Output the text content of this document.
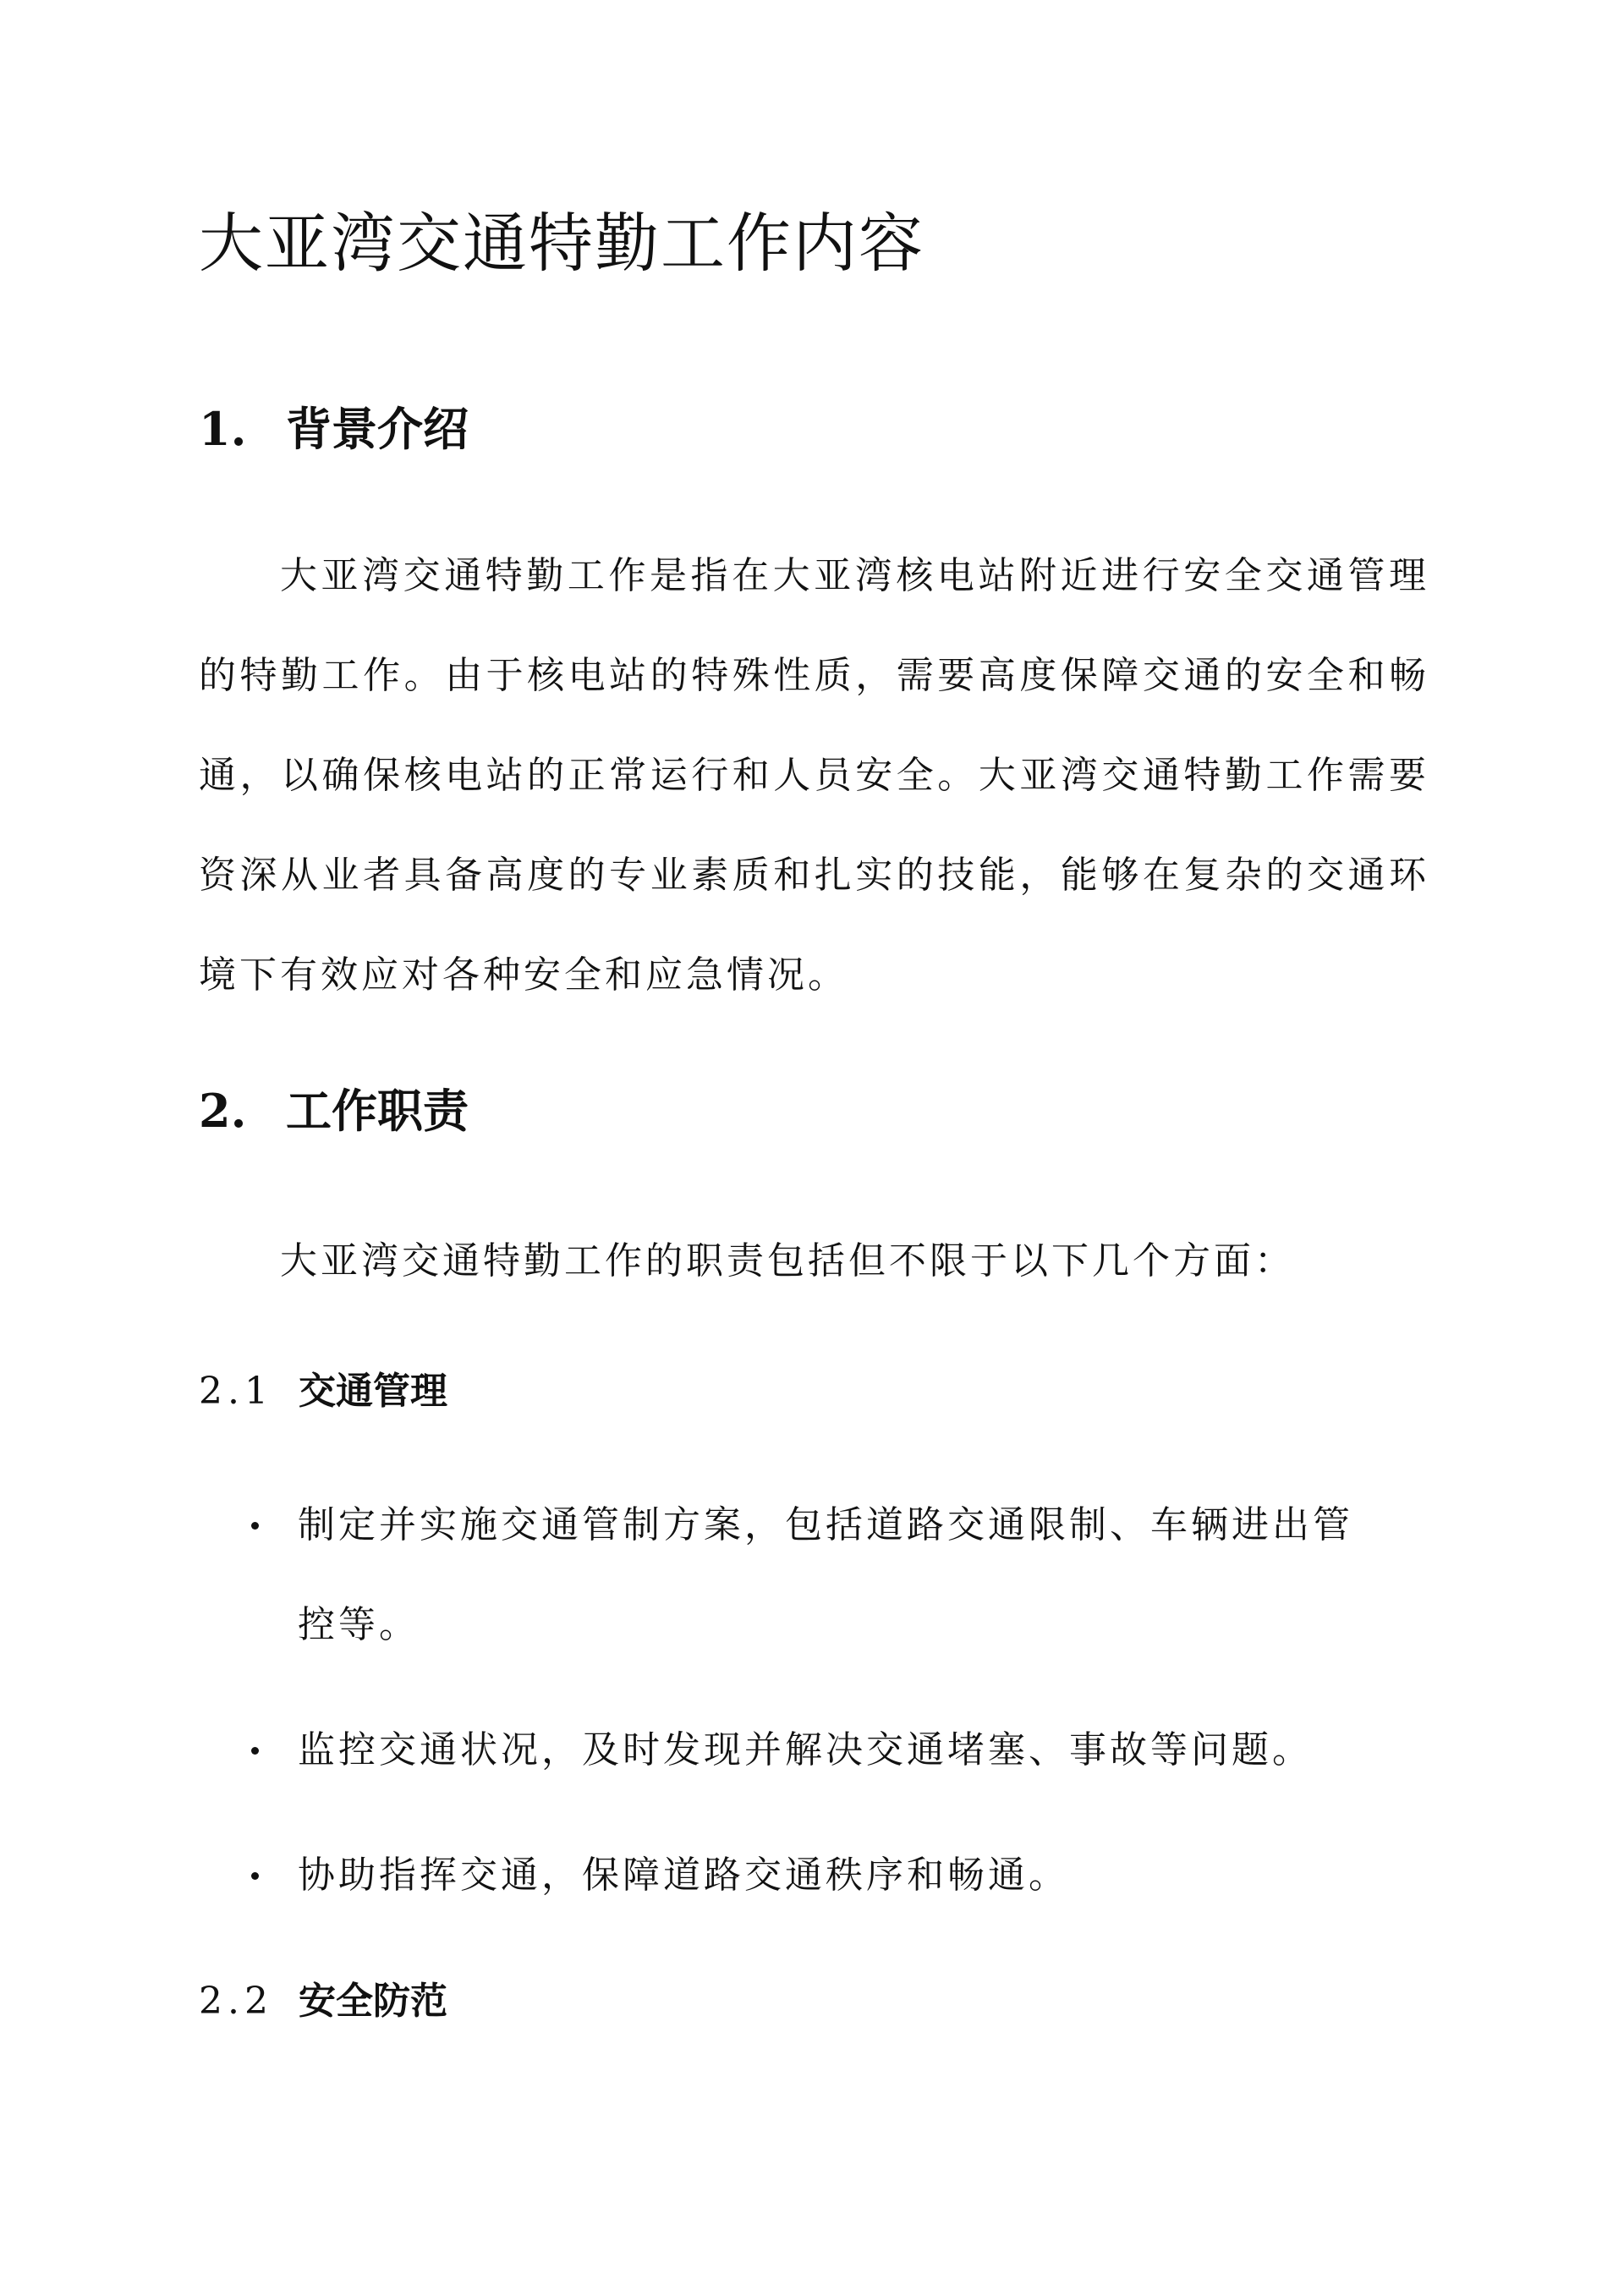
大亚湾交通特勤工作内容
1. 背景介绍

大亚湾交通特勤工作是指在大亚湾核电站附近进行安全交通管理的特勤工作。由于核电站的特殊性质，需要高度保障交通的安全和畅通，以确保核电站的正常运行和人员安全。大亚湾交通特勤工作需要资深从业者具备高度的专业素质和扎实的技能，能够在复杂的交通环境下有效应对各种安全和应急情况。

2. 工作职责

大亚湾交通特勤工作的职责包括但不限于以下几个方面：

2.1 交通管理
制定并实施交通管制方案，包括道路交通限制、车辆进出管控等。
监控交通状况，及时发现并解决交通堵塞、事故等问题。
协助指挥交通，保障道路交通秩序和畅通。
2.2 安全防范
